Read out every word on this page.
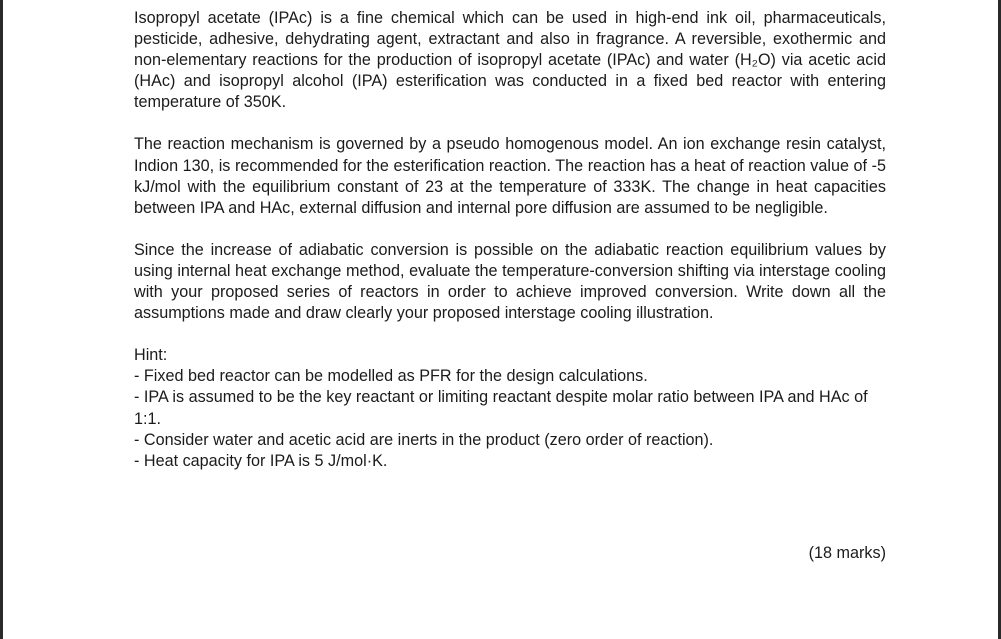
Isopropyl acetate (IPAc) is a fine chemical which can be used in high-end ink oil, pharmaceuticals, pesticide, adhesive, dehydrating agent, extractant and also in fragrance. A reversible, exothermic and non-elementary reactions for the production of isopropyl acetate (IPAc) and water (H₂O) via acetic acid (HAc) and isopropyl alcohol (IPA) esterification was conducted in a fixed bed reactor with entering temperature of 350K.

The reaction mechanism is governed by a pseudo homogenous model. An ion exchange resin catalyst, Indion 130, is recommended for the esterification reaction. The reaction has a heat of reaction value of -5 kJ/mol with the equilibrium constant of 23 at the temperature of 333K. The change in heat capacities between IPA and HAc, external diffusion and internal pore diffusion are assumed to be negligible.

Since the increase of adiabatic conversion is possible on the adiabatic reaction equilibrium values by using internal heat exchange method, evaluate the temperature-conversion shifting via interstage cooling with your proposed series of reactors in order to achieve improved conversion. Write down all the assumptions made and draw clearly your proposed interstage cooling illustration.

Hint:

- Fixed bed reactor can be modelled as PFR for the design calculations.

- IPA is assumed to be the key reactant or limiting reactant despite molar ratio between IPA and HAc of 1:1.

- Consider water and acetic acid are inerts in the product (zero order of reaction).

- Heat capacity for IPA is 5 J/mol·K.

(18 marks)
